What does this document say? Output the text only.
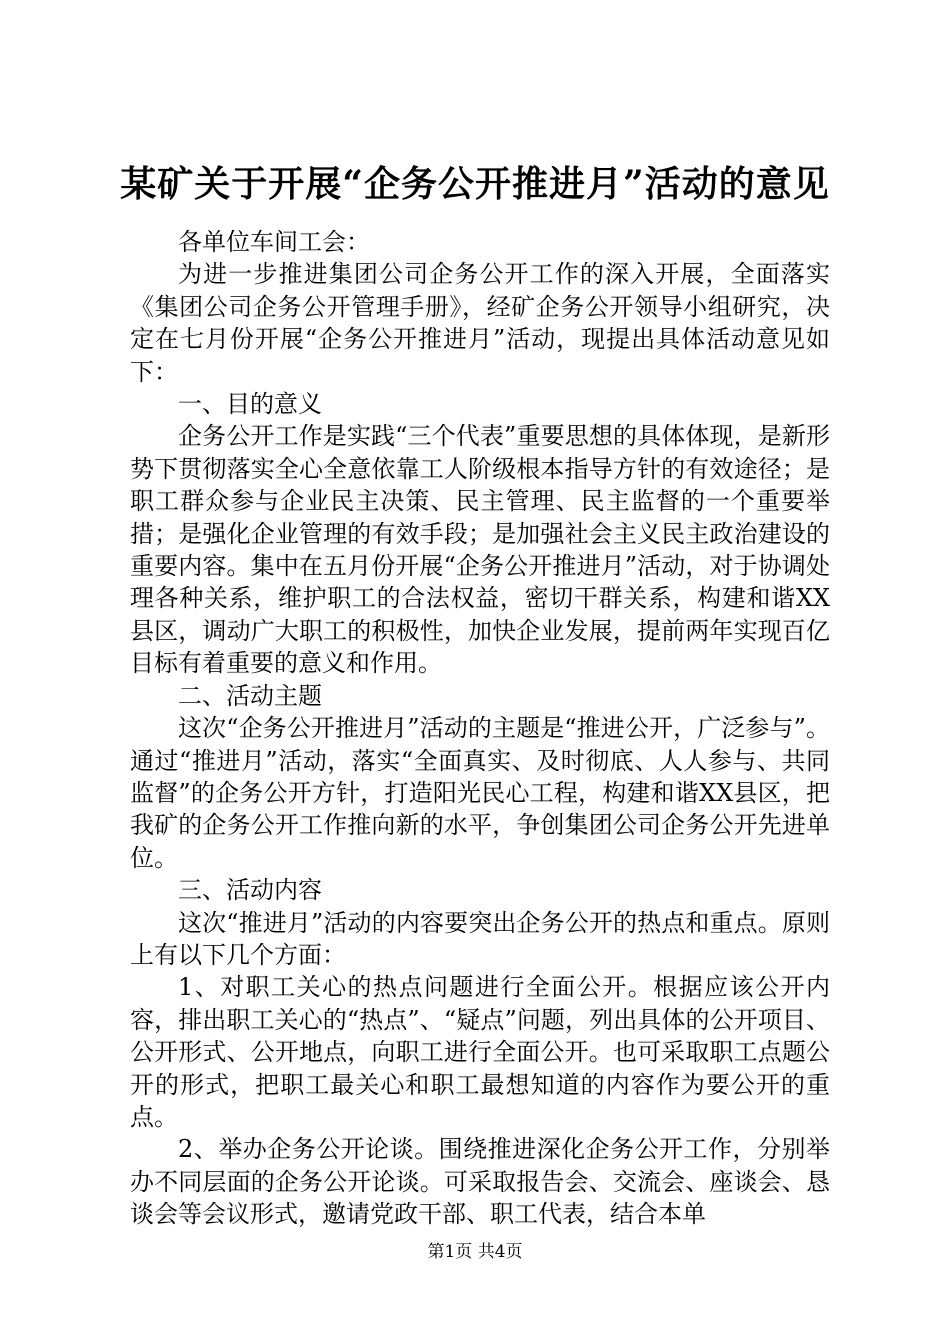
某矿关于开展“企务公开推进月”活动的意见

各单位车间工会：

为进一步推进集团公司企务公开工作的深入开展，全面落实《集团公司企务公开管理手册》，经矿企务公开领导小组研究，决定在七月份开展“企务公开推进月”活动，现提出具体活动意见如下：

一、目的意义

企务公开工作是实践“三个代表”重要思想的具体体现，是新形势下贯彻落实全心全意依靠工人阶级根本指导方针的有效途径；是职工群众参与企业民主决策、民主管理、民主监督的一个重要举措；是强化企业管理的有效手段；是加强社会主义民主政治建设的重要内容。集中在五月份开展“企务公开推进月”活动，对于协调处理各种关系，维护职工的合法权益，密切干群关系，构建和谐XX县区，调动广大职工的积极性，加快企业发展，提前两年实现百亿目标有着重要的意义和作用。

二、活动主题

这次“企务公开推进月”活动的主题是“推进公开，广泛参与”。通过“推进月”活动，落实“全面真实、及时彻底、人人参与、共同监督”的企务公开方针，打造阳光民心工程，构建和谐XX县区，把我矿的企务公开工作推向新的水平，争创集团公司企务公开先进单位。

三、活动内容

这次“推进月”活动的内容要突出企务公开的热点和重点。原则上有以下几个方面：

1、对职工关心的热点问题进行全面公开。根据应该公开内容，排出职工关心的“热点”、“疑点”问题，列出具体的公开项目、公开形式、公开地点，向职工进行全面公开。也可采取职工点题公开的形式，把职工最关心和职工最想知道的内容作为要公开的重点。

2、举办企务公开论谈。围绕推进深化企务公开工作，分别举办不同层面的企务公开论谈。可采取报告会、交流会、座谈会、恳谈会等会议形式，邀请党政干部、职工代表，结合本单

第1页 共4页
